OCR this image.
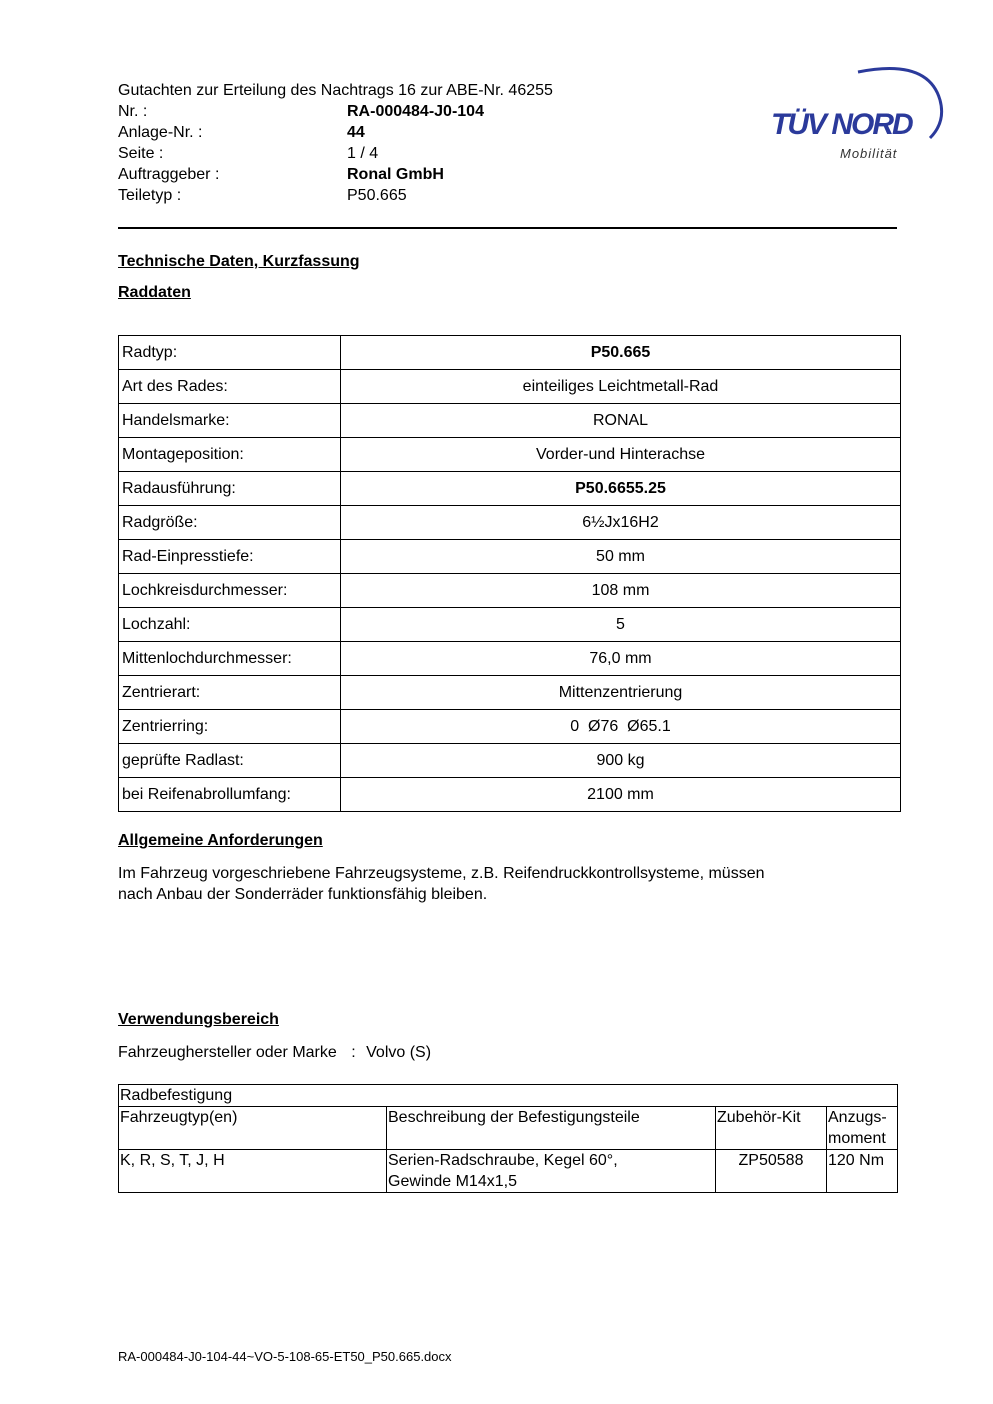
Gutachten zur Erteilung des Nachtrags 16 zur ABE-Nr. 46255
Nr. :	RA-000484-J0-104
Anlage-Nr. :	44
Seite :	1 / 4
Auftraggeber :	Ronal GmbH
Teiletyp :	P50.665
TÜV NORD
Mobilität
Technische Daten, Kurzfassung
Raddaten
Radtyp:	P50.665
Art des Rades:	einteiliges Leichtmetall-Rad
Handelsmarke:	RONAL
Montageposition:	Vorder-und Hinterachse
Radausführung:	P50.6655.25
Radgröße:	6½Jx16H2
Rad-Einpresstiefe:	50 mm
Lochkreisdurchmesser:	108 mm
Lochzahl:	5
Mittenlochdurchmesser:	76,0 mm
Zentrierart:	Mittenzentrierung
Zentrierring:	0  Ø76  Ø65.1
geprüfte Radlast:	900 kg
bei Reifenabrollumfang:	2100 mm
Allgemeine Anforderungen
Im Fahrzeug vorgeschriebene Fahrzeugsysteme, z.B. Reifendruckkontrollsysteme, müssen
nach Anbau der Sonderräder funktionsfähig bleiben.
Verwendungsbereich
Fahrzeughersteller oder Marke : Volvo (S)
Radbefestigung			
Fahrzeugtyp(en)	Beschreibung der Befestigungsteile	Zubehör-Kit	Anzugs-
moment

K, R, S, T, J, H	Serien-Radschraube, Kegel 60°,
Gewinde M14x1,5	ZP50588	120 Nm
RA-000484-J0-104-44~VO-5-108-65-ET50_P50.665.docx
